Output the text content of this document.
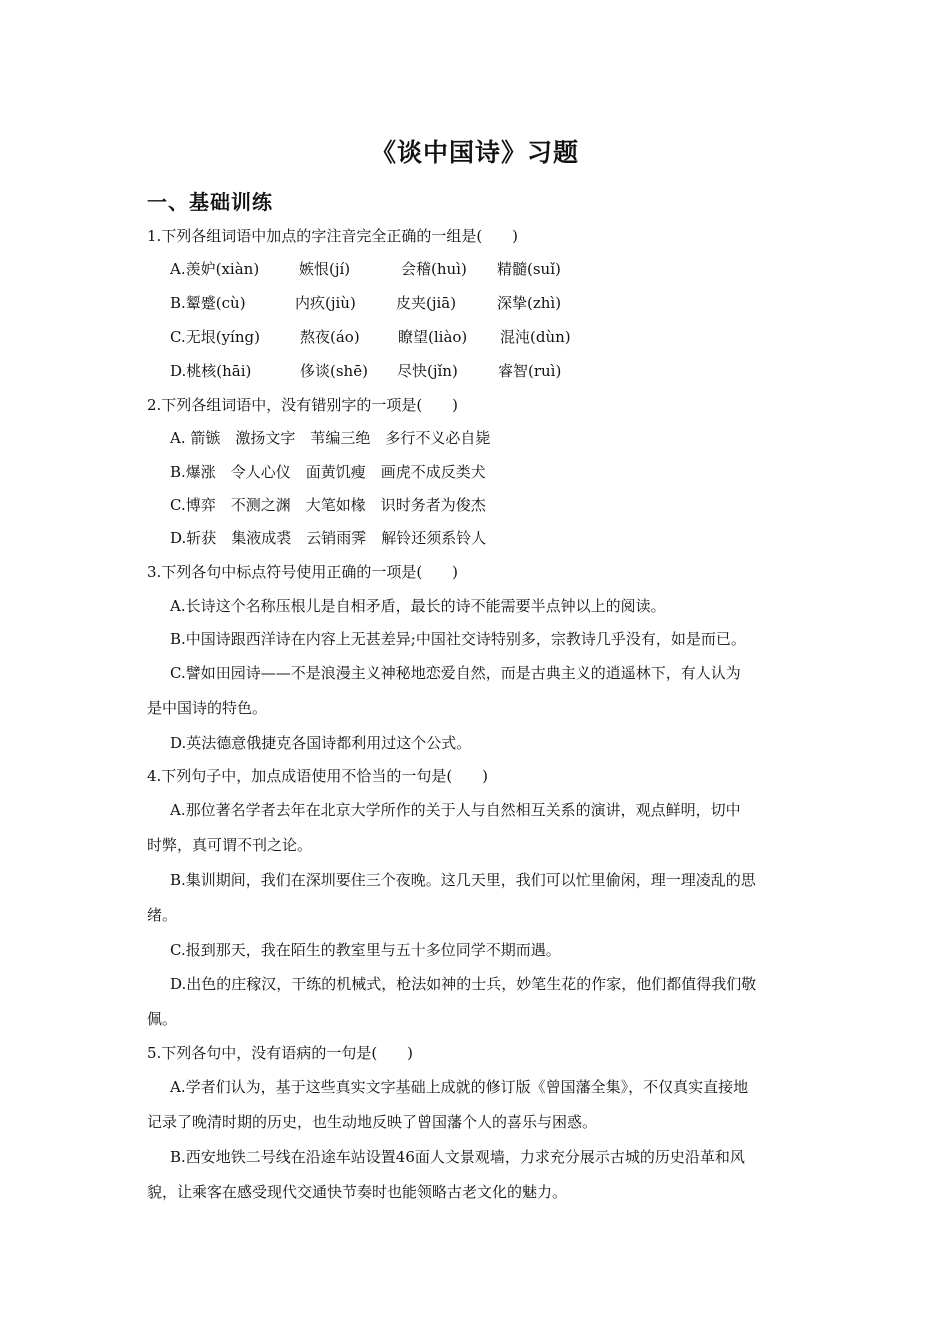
《谈中国诗》习题
一、基础训练
1.下列各组词语中加点的字注音完全正确的一组是(　　)
A.羡妒(xiàn)	嫉恨(jí)	会稽(huì) 精髓(suǐ)
B.颦蹙(cù)	内疚(jiù)	皮夹(jiā)	深挚(zhì)
C.无垠(yíng)	熬夜(áo)	瞭望(liào) 混沌(dùn)
D.桃核(hāi)	侈谈(shē) 尽快(jǐn)	睿智(ruì)
2.下列各组词语中，没有错别字的一项是(　　)
A. 箭镞　激扬文字　苇编三绝　多行不义必自毙
B.爆涨　令人心仪　面黄饥瘦　画虎不成反类犬
C.博弈　不测之渊　大笔如椽　识时务者为俊杰
D.斩获　集液成裘　云销雨霁　解铃还须系铃人
3.下列各句中标点符号使用正确的一项是(　　)
A.长诗这个名称压根儿是自相矛盾，最长的诗不能需要半点钟以上的阅读。
B.中国诗跟西洋诗在内容上无甚差异;中国社交诗特别多，宗教诗几乎没有，如是而已。
C.譬如田园诗——不是浪漫主义神秘地恋爱自然，而是古典主义的逍遥林下，有人认为
是中国诗的特色。
D.英法德意俄捷克各国诗都利用过这个公式。
4.下列句子中，加点成语使用不恰当的一句是(　　)
A.那位著名学者去年在北京大学所作的关于人与自然相互关系的演讲，观点鲜明，切中
时弊，真可谓不刊之论。
B.集训期间，我们在深圳要住三个夜晚。这几天里，我们可以忙里偷闲，理一理凌乱的思
绪。
C.报到那天，我在陌生的教室里与五十多位同学不期而遇。
D.出色的庄稼汉，干练的机械式，枪法如神的士兵，妙笔生花的作家，他们都值得我们敬
佩。
5.下列各句中，没有语病的一句是(　　)
A.学者们认为，基于这些真实文字基础上成就的修订版《曾国藩全集》，不仅真实直接地
记录了晚清时期的历史，也生动地反映了曾国藩个人的喜乐与困惑。
B.西安地铁二号线在沿途车站设置46面人文景观墙，力求充分展示古城的历史沿革和风
貌，让乘客在感受现代交通快节奏时也能领略古老文化的魅力。
